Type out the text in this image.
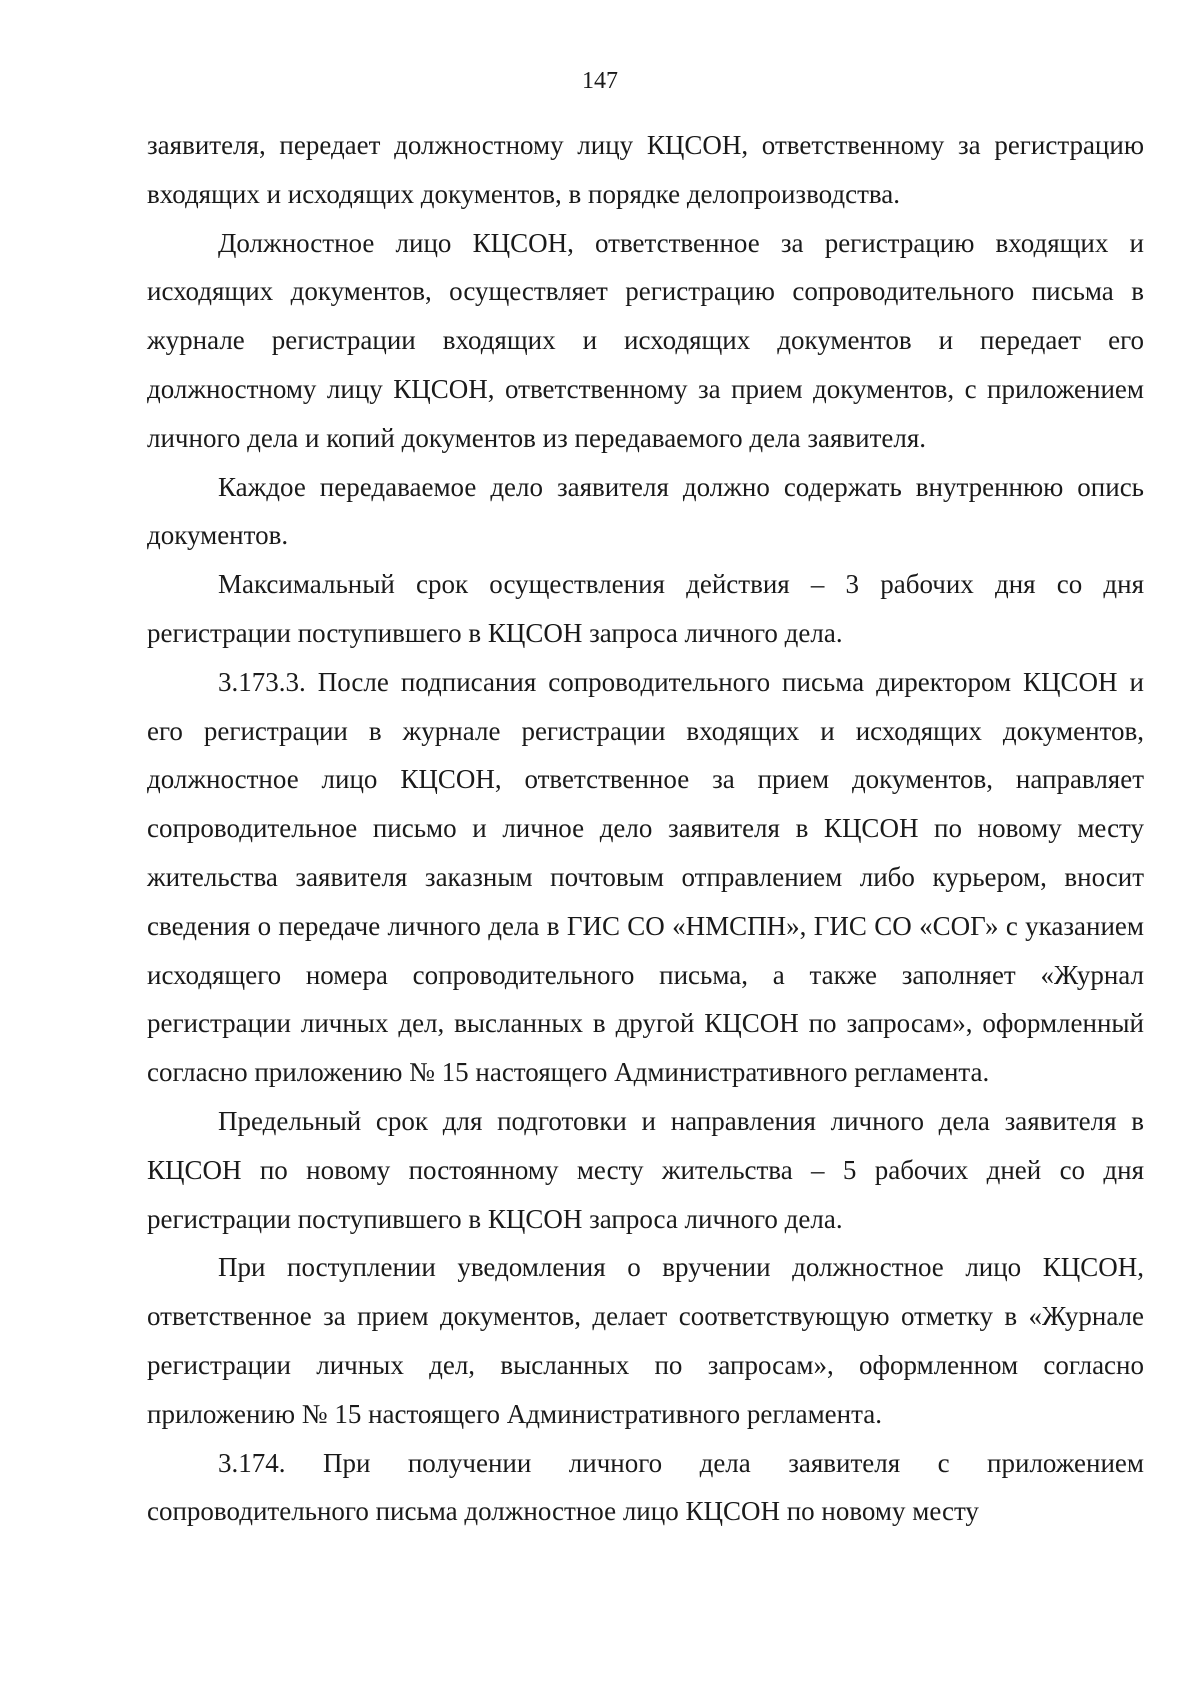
147

заявителя, передает должностному лицу КЦСОН, ответственному за регистрацию входящих и исходящих документов, в порядке делопроизводства.

Должностное лицо КЦСОН, ответственное за регистрацию входящих и исходящих документов, осуществляет регистрацию сопроводительного письма в журнале регистрации входящих и исходящих документов и передает его должностному лицу КЦСОН, ответственному за прием документов, с приложением личного дела и копий документов из передаваемого дела заявителя.

Каждое передаваемое дело заявителя должно содержать внутреннюю опись документов.

Максимальный срок осуществления действия – 3 рабочих дня со дня регистрации поступившего в КЦСОН запроса личного дела.

3.173.3. После подписания сопроводительного письма директором КЦСОН и его регистрации в журнале регистрации входящих и исходящих документов, должностное лицо КЦСОН, ответственное за прием документов, направляет сопроводительное письмо и личное дело заявителя в КЦСОН по новому месту жительства заявителя заказным почтовым отправлением либо курьером, вносит сведения о передаче личного дела в ГИС СО «НМСПН», ГИС СО «СОГ» с указанием исходящего номера сопроводительного письма, а также заполняет «Журнал регистрации личных дел, высланных в другой КЦСОН по запросам», оформленный согласно приложению № 15 настоящего Административного регламента.

Предельный срок для подготовки и направления личного дела заявителя в КЦСОН по новому постоянному месту жительства – 5 рабочих дней со дня регистрации поступившего в КЦСОН запроса личного дела.

При поступлении уведомления о вручении должностное лицо КЦСОН, ответственное за прием документов, делает соответствующую отметку в «Журнале регистрации личных дел, высланных по запросам», оформленном согласно приложению № 15 настоящего Административного регламента.

3.174. При получении личного дела заявителя с приложением сопроводительного письма должностное лицо КЦСОН по новому месту
